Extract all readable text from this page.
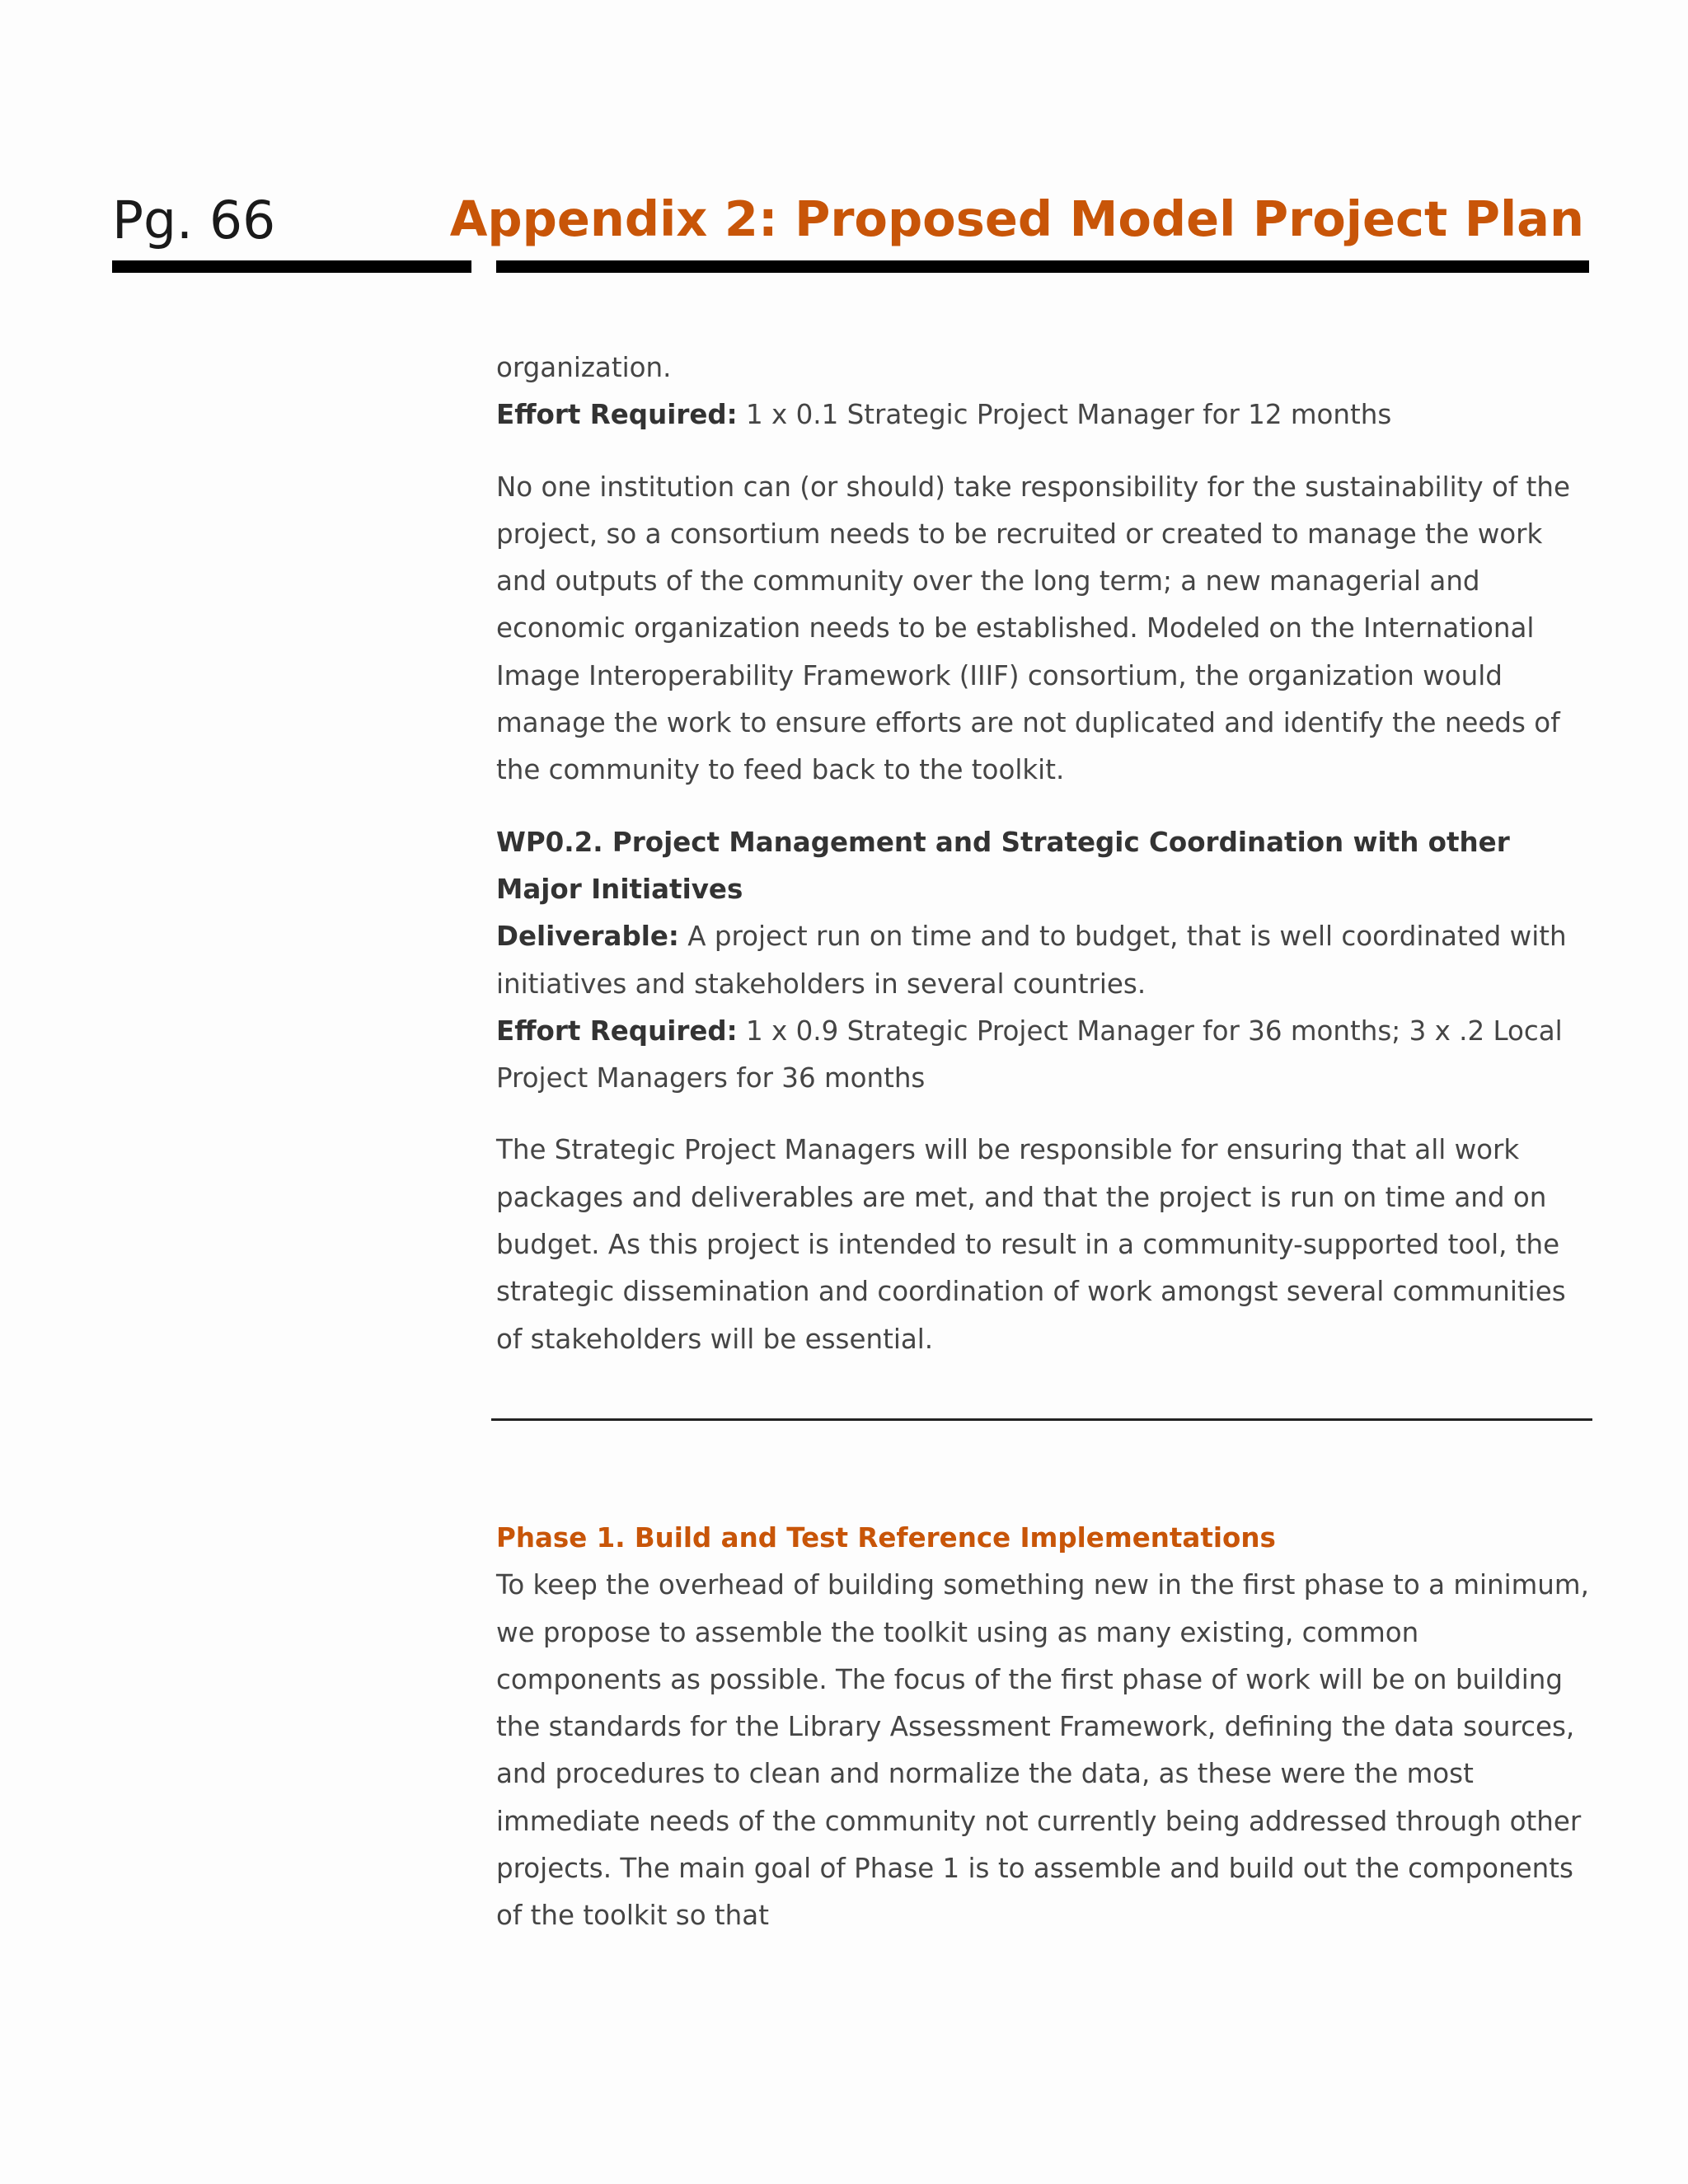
Pg. 66	Appendix 2: Proposed Model Project Plan

organization.

Effort Required: 1 x 0.1 Strategic Project Manager for 12 months

No one institution can (or should) take responsibility for the sustainability of the project, so a consortium needs to be recruited or created to manage the work and outputs of the community over the long term; a new managerial and economic organization needs to be established. Modeled on the International Image Interoperability Framework (IIIF) consortium, the organization would manage the work to ensure efforts are not duplicated and identify the needs of the community to feed back to the toolkit.

WP0.2. Project Management and Strategic Coordination with other Major Initiatives

Deliverable: A project run on time and to budget, that is well coordinated with initiatives and stakeholders in several countries.

Effort Required: 1 x 0.9 Strategic Project Manager for 36 months; 3 x .2 Local Project Managers for 36 months

The Strategic Project Managers will be responsible for ensuring that all work packages and deliverables are met, and that the project is run on time and on budget. As this project is intended to result in a community-supported tool, the strategic dissemination and coordination of work amongst several communities of stakeholders will be essential.

Phase 1. Build and Test Reference Implementations

To keep the overhead of building something new in the first phase to a minimum, we propose to assemble the toolkit using as many existing, common components as possible. The focus of the first phase of work will be on building the standards for the Library Assessment Framework, defining the data sources, and procedures to clean and normalize the data, as these were the most immediate needs of the community not currently being addressed through other projects. The main goal of Phase 1 is to assemble and build out the components of the toolkit so that
